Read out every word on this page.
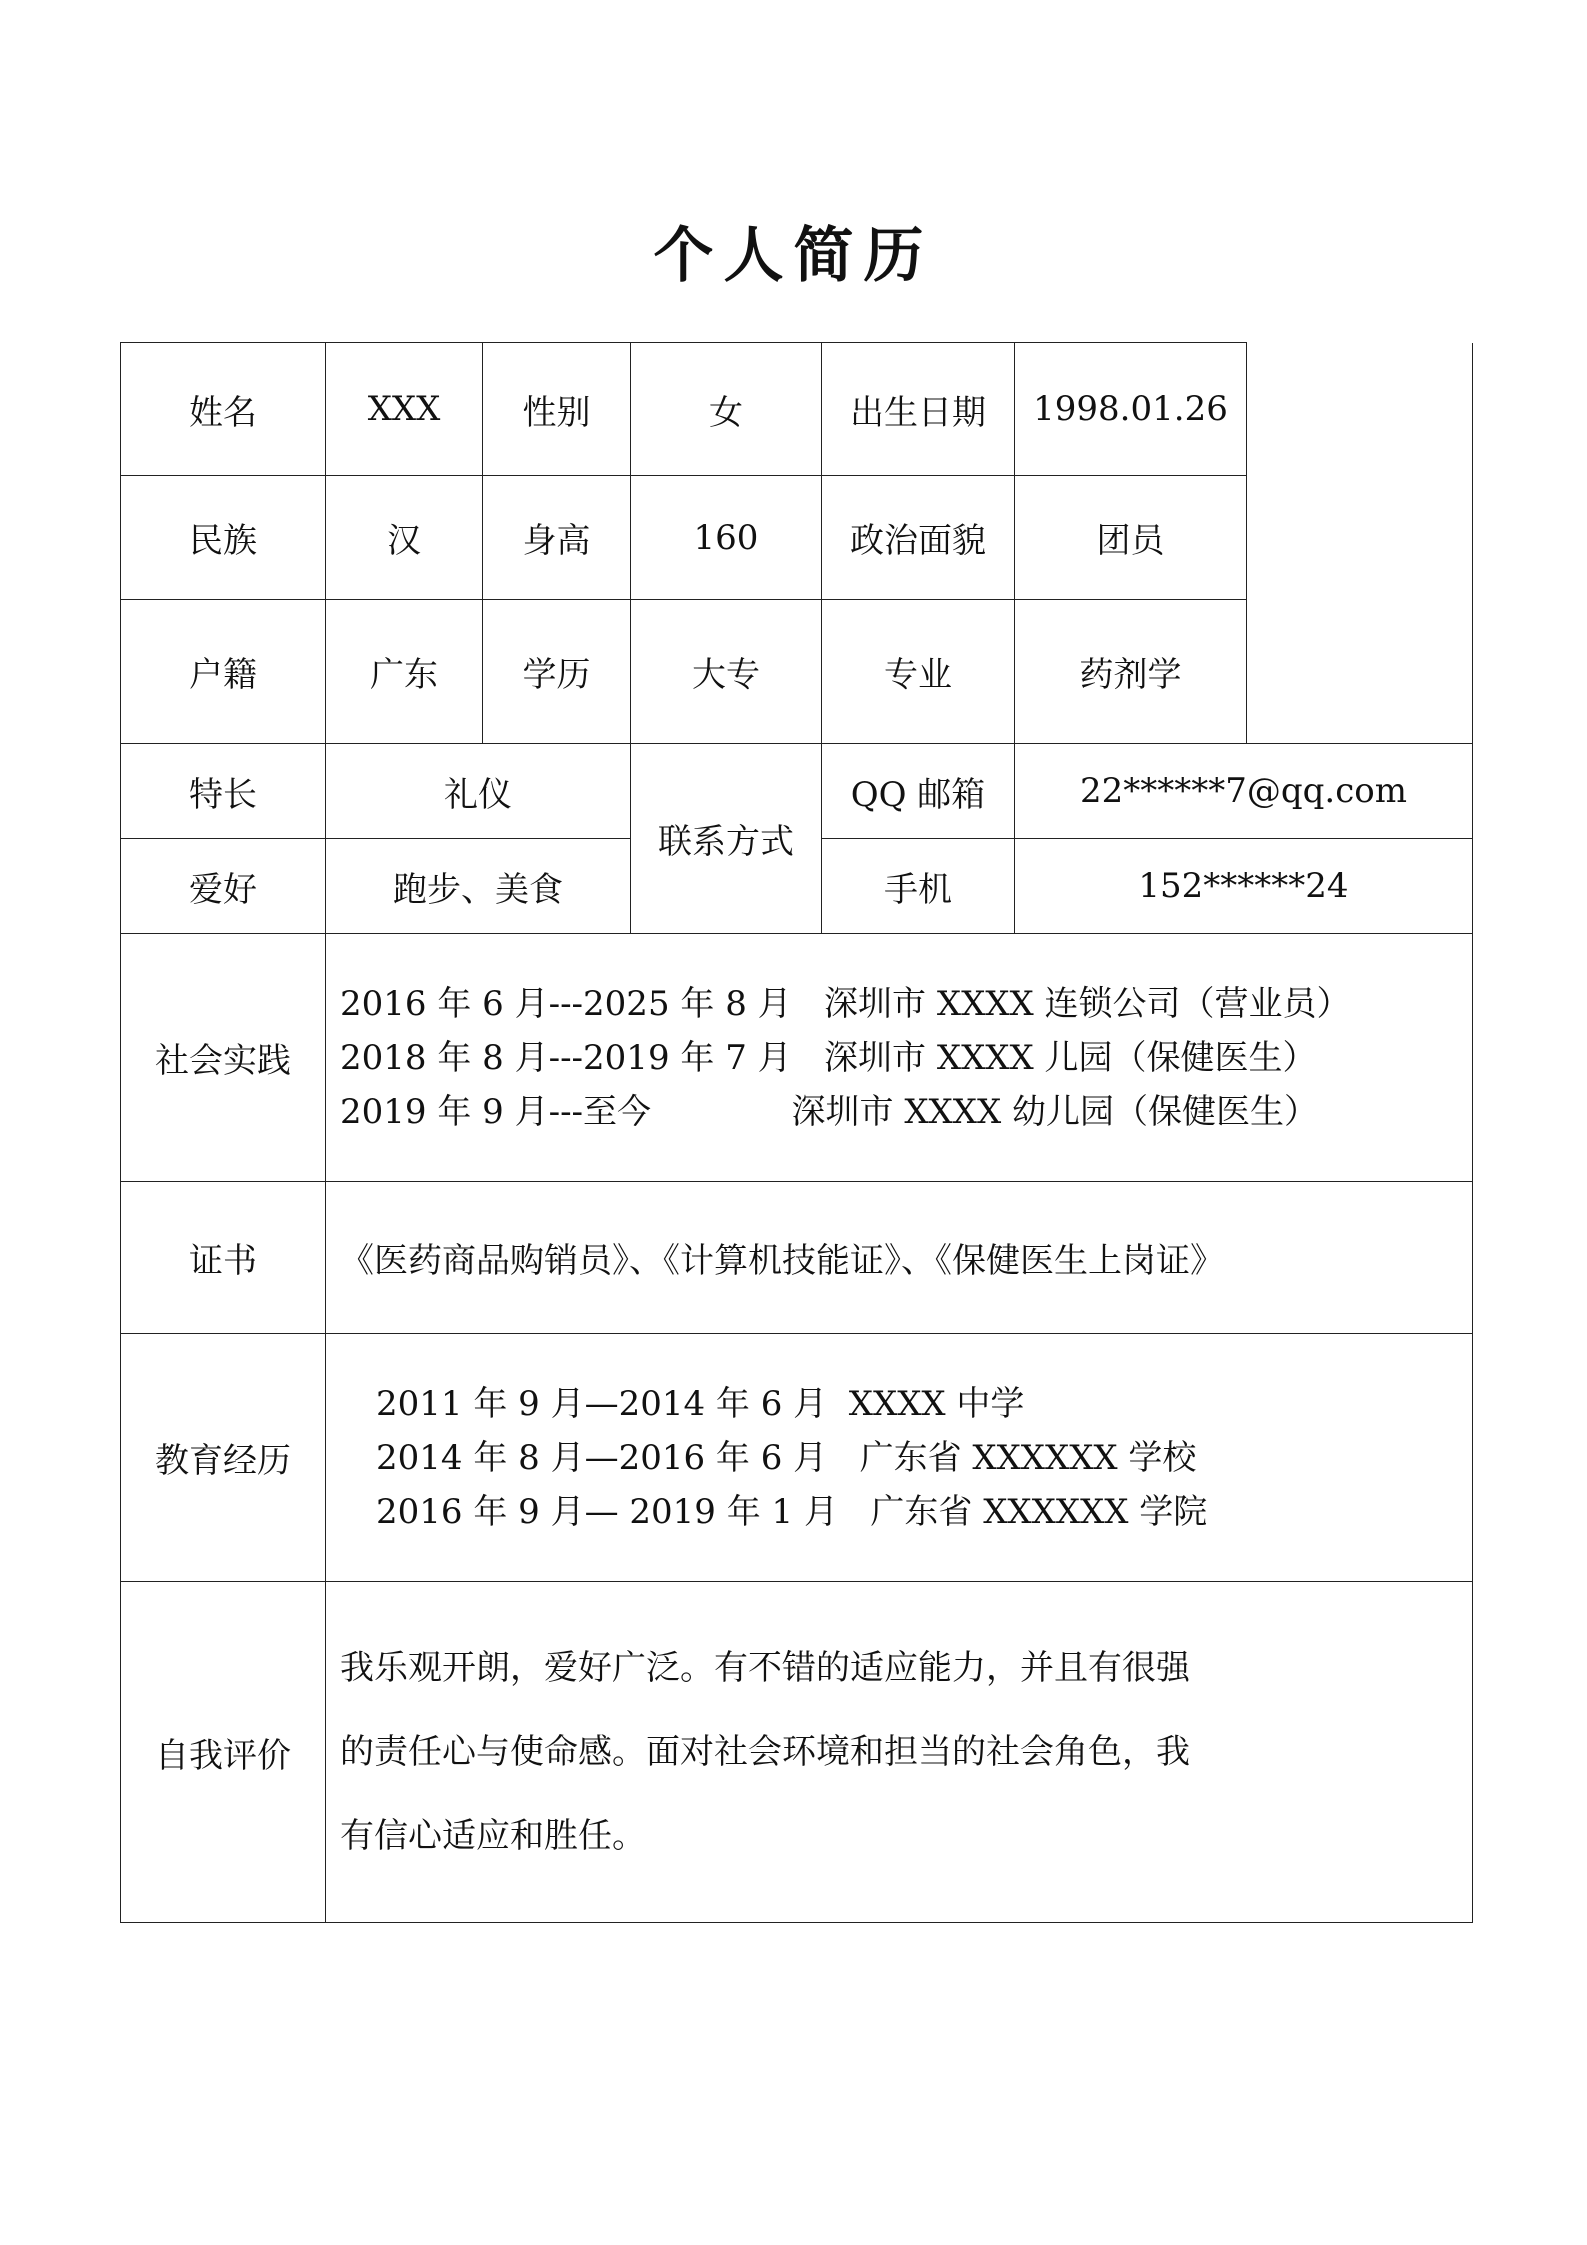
个人简历
姓名	XXX	性别	女	出生日期	1998.01.26	
民族	汉	身高	160	政治面貌	团员	
户籍	广东	学历	大专	专业	药剂学	
特长	礼仪		联系方式	QQ 邮箱	22******7@qq.com	
爱好	跑步、美食			手机	152******24	
社会实践	2016 年 6 月---2025 年 8 月   深圳市 XXXX 连锁公司（营业员）
2018 年 8 月---2019 年 7 月   深圳市 XXXX 儿园（保健医生）
2019 年 9 月---至今             深圳市 XXXX 幼儿园（保健医生）					

证书	《医药商品购销员》、《计算机技能证》、《保健医生上岗证》					
教育经历	2011 年 9 月—2014 年 6 月  XXXX 中学
2014 年 8 月—2016 年 6 月   广东省 XXXXXX 学校
2016 年 9 月— 2019 年 1 月   广东省 XXXXXX 学院					

自我评价	我乐观开朗，爱好广泛。有不错的适应能力，并且有很强
的责任心与使命感。面对社会环境和担当的社会角色，我
有信心适应和胜任。					
